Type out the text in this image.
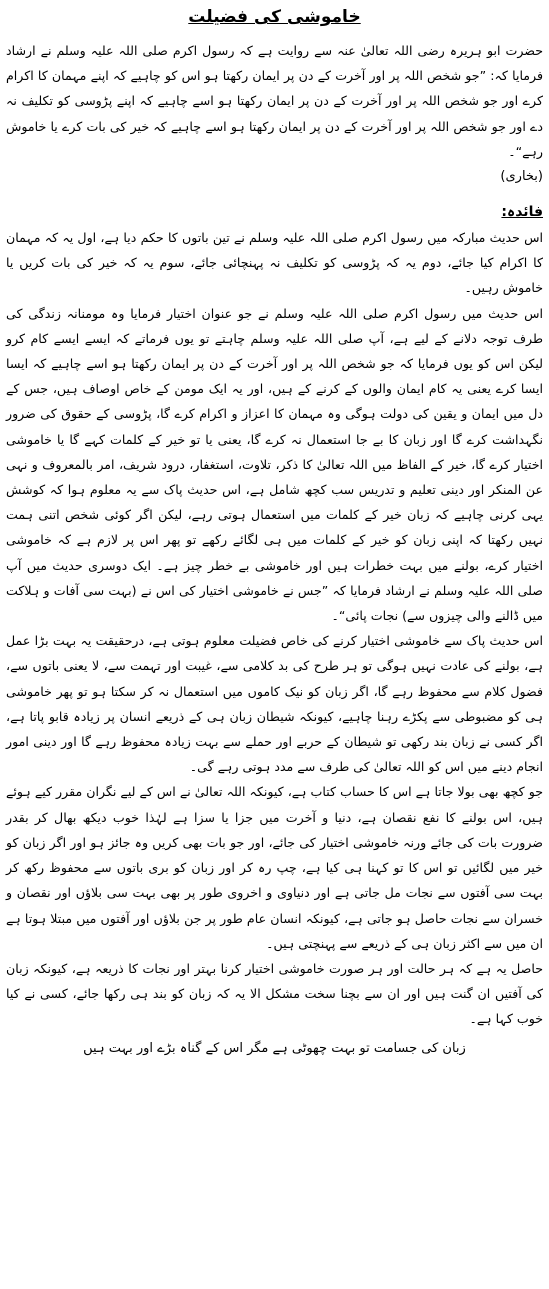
خاموشی کی فضیلت

حضرت ابو ہریرہ رضی اللہ تعالیٰ عنہ سے روایت ہے کہ رسول اکرم صلی اللہ علیہ وسلم نے ارشاد فرمایا کہ: ”جو شخص اللہ پر اور آخرت کے دن پر ایمان رکھتا ہو اس کو چاہیے کہ اپنے مہمان کا اکرام کرے اور جو شخص اللہ پر اور آخرت کے دن پر ایمان رکھتا ہو اسے چاہیے کہ اپنے پڑوسی کو تکلیف نہ دے اور جو شخص اللہ پر اور آخرت کے دن پر ایمان رکھتا ہو اسے چاہیے کہ خیر کی بات کرے یا خاموش رہے“۔

(بخاری)

فائدہ:

اس حدیث مبارکہ میں رسول اکرم صلی اللہ علیہ وسلم نے تین باتوں کا حکم دیا ہے، اول یہ کہ مہمان کا اکرام کیا جائے، دوم یہ کہ پڑوسی کو تکلیف نہ پہنچائی جائے، سوم یہ کہ خیر کی بات کریں یا خاموش رہیں۔

اس حدیث میں رسول اکرم صلی اللہ علیہ وسلم نے جو عنوان اختیار فرمایا وہ مومنانہ زندگی کی طرف توجہ دلانے کے لیے ہے، آپ صلی اللہ علیہ وسلم چاہتے تو یوں فرماتے کہ ایسے ایسے کام کرو لیکن اس کو یوں فرمایا کہ جو شخص اللہ پر اور آخرت کے دن پر ایمان رکھتا ہو اسے چاہیے کہ ایسا ایسا کرے یعنی یہ کام ایمان والوں کے کرنے کے ہیں، اور یہ ایک مومن کے خاص اوصاف ہیں، جس کے دل میں ایمان و یقین کی دولت ہوگی وہ مہمان کا اعزاز و اکرام کرے گا، پڑوسی کے حقوق کی ضرور نگہداشت کرے گا اور زبان کا بے جا استعمال نہ کرے گا، یعنی یا تو خیر کے کلمات کہے گا یا خاموشی اختیار کرے گا، خیر کے الفاظ میں اللہ تعالیٰ کا ذکر، تلاوت، استغفار، درود شریف، امر بالمعروف و نہی عن المنکر اور دینی تعلیم و تدریس سب کچھ شامل ہے، اس حدیث پاک سے یہ معلوم ہوا کہ کوشش یہی کرنی چاہیے کہ زبان خیر کے کلمات میں استعمال ہوتی رہے، لیکن اگر کوئی شخص اتنی ہمت نہیں رکھتا کہ اپنی زبان کو خیر کے کلمات میں ہی لگائے رکھے تو پھر اس پر لازم ہے کہ خاموشی اختیار کرے، بولنے میں بہت خطرات ہیں اور خاموشی بے خطر چیز ہے۔ ایک دوسری حدیث میں آپ صلی اللہ علیہ وسلم نے ارشاد فرمایا کہ ”جس نے خاموشی اختیار کی اس نے (بہت سی آفات و ہلاکت میں ڈالنے والی چیزوں سے) نجات پائی“۔

اس حدیث پاک سے خاموشی اختیار کرنے کی خاص فضیلت معلوم ہوتی ہے، درحقیقت یہ بہت بڑا عمل ہے، بولنے کی عادت نہیں ہوگی تو ہر طرح کی بد کلامی سے، غیبت اور تہمت سے، لا یعنی باتوں سے، فضول کلام سے محفوظ رہے گا، اگر زبان کو نیک کاموں میں استعمال نہ کر سکتا ہو تو پھر خاموشی ہی کو مضبوطی سے پکڑے رہنا چاہیے، کیونکہ شیطان زبان ہی کے ذریعے انسان پر زیادہ قابو پاتا ہے، اگر کسی نے زبان بند رکھی تو شیطان کے حربے اور حملے سے بہت زیادہ محفوظ رہے گا اور دینی امور انجام دینے میں اس کو اللہ تعالیٰ کی طرف سے مدد ہوتی رہے گی۔

جو کچھ بھی بولا جاتا ہے اس کا حساب کتاب ہے، کیونکہ اللہ تعالیٰ نے اس کے لیے نگران مقرر کیے ہوئے ہیں، اس بولنے کا نفع نقصان ہے، دنیا و آخرت میں جزا یا سزا ہے لہٰذا خوب دیکھ بھال کر بقدر ضرورت بات کی جائے ورنہ خاموشی اختیار کی جائے، اور جو بات بھی کریں وہ جائز ہو اور اگر زبان کو خیر میں لگائیں تو اس کا تو کہنا ہی کیا ہے، چپ رہ کر اور زبان کو بری باتوں سے محفوظ رکھ کر بہت سی آفتوں سے نجات مل جاتی ہے اور دنیاوی و اخروی طور پر بھی بہت سی بلاؤں اور نقصان و خسران سے نجات حاصل ہو جاتی ہے، کیونکہ انسان عام طور پر جن بلاؤں اور آفتوں میں مبتلا ہوتا ہے ان میں سے اکثر زبان ہی کے ذریعے سے پہنچتی ہیں۔

حاصل یہ ہے کہ ہر حالت اور ہر صورت خاموشی اختیار کرنا بہتر اور نجات کا ذریعہ ہے، کیونکہ زبان کی آفتیں ان گنت ہیں اور ان سے بچنا سخت مشکل الا یہ کہ زبان کو بند ہی رکھا جائے، کسی نے کیا خوب کہا ہے۔

زبان کی جسامت تو بہت چھوٹی ہے مگر اس کے گناہ بڑے اور بہت ہیں
